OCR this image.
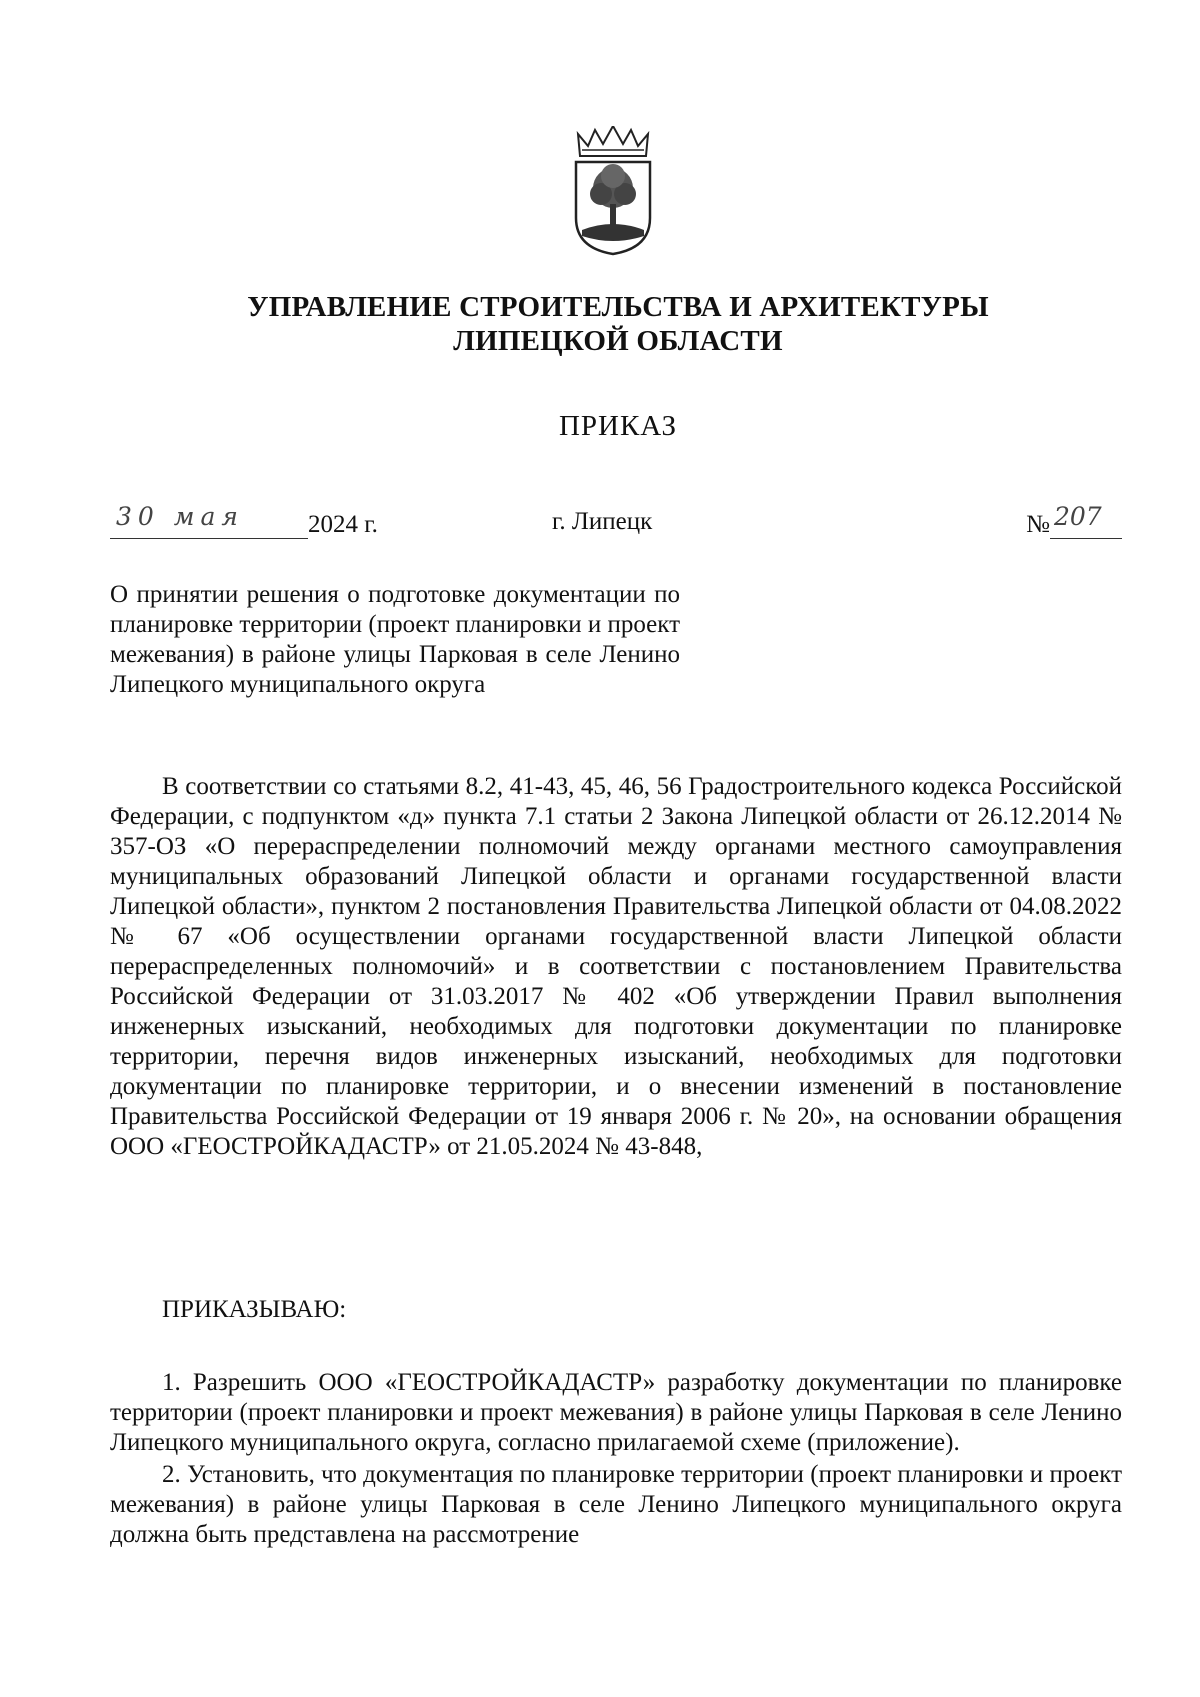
УПРАВЛЕНИЕ СТРОИТЕЛЬСТВА И АРХИТЕКТУРЫ
ЛИПЕЦКОЙ ОБЛАСТИ
ПРИКАЗ
30 мая	2024 г.	г. Липецк	№ 207
О принятии решения о подготовке документации по планировке территории (проект планировки и проект межевания) в районе улицы Парковая в селе Ленино Липецкого муниципального округа

В соответствии со статьями 8.2, 41-43, 45, 46, 56 Градостроительного кодекса Российской Федерации, с подпунктом «д» пункта 7.1 статьи 2 Закона Липецкой области от 26.12.2014 № 357-ОЗ «О перераспределении полномочий между органами местного самоуправления муниципальных образований Липецкой области и органами государственной власти Липецкой области», пунктом 2 постановления Правительства Липецкой области от 04.08.2022 № 67 «Об осуществлении органами государственной власти Липецкой области перераспределенных полномочий» и в соответствии с постановлением Правительства Российской Федерации от 31.03.2017 № 402 «Об утверждении Правил выполнения инженерных изысканий, необходимых для подготовки документации по планировке территории, перечня видов инженерных изысканий, необходимых для подготовки документации по планировке территории, и о внесении изменений в постановление Правительства Российской Федерации от 19 января 2006 г. № 20», на основании обращения ООО «ГЕОСТРОЙКАДАСТР» от 21.05.2024 № 43-848,

ПРИКАЗЫВАЮ:

1. Разрешить ООО «ГЕОСТРОЙКАДАСТР» разработку документации по планировке территории (проект планировки и проект межевания) в районе улицы Парковая в селе Ленино Липецкого муниципального округа, согласно прилагаемой схеме (приложение).

2. Установить, что документация по планировке территории (проект планировки и проект межевания) в районе улицы Парковая в селе Ленино Липецкого муниципального округа должна быть представлена на рассмотрение
